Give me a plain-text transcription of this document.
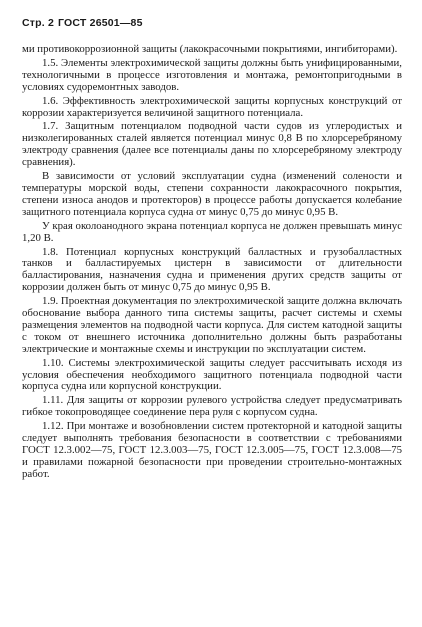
Стр. 2 ГОСТ 26501—85

ми противокоррозионной защиты (лакокрасочными покрытиями, ингибиторами).

1.5. Элементы электрохимической защиты должны быть унифицированными, технологичными в процессе изготовления и монтажа, ремонтопригодными в условиях судоремонтных заводов.

1.6. Эффективность электрохимической защиты корпусных конструкций от коррозии характеризуется величиной защитного потенциала.

1.7. Защитным потенциалом подводной части судов из углеродистых и низколегированных сталей является потенциал минус 0,8 В по хлорсеребряному электроду сравнения (далее все потенциалы даны по хлорсеребряному электроду сравнения).

В зависимости от условий эксплуатации судна (изменений солености и температуры морской воды, степени сохранности лакокрасочного покрытия, степени износа анодов и протекторов) в процессе работы допускается колебание защитного потенциала корпуса судна от минус 0,75 до минус 0,95 В.

У края околоанодного экрана потенциал корпуса не должен превышать минус 1,20 В.

1.8. Потенциал корпусных конструкций балластных и грузобалластных танков и балластируемых цистерн в зависимости от длительности балластирования, назначения судна и применения других средств защиты от коррозии должен быть от минус 0,75 до минус 0,95 В.

1.9. Проектная документация по электрохимической защите должна включать обоснование выбора данного типа системы защиты, расчет системы и схемы размещения элементов на подводной части корпуса. Для систем катодной защиты с током от внешнего источника дополнительно должны быть разработаны электрические и монтажные схемы и инструкции по эксплуатации систем.

1.10. Системы электрохимической защиты следует рассчитывать исходя из условия обеспечения необходимого защитного потенциала подводной части корпуса судна или корпусной конструкции.

1.11. Для защиты от коррозии рулевого устройства следует предусматривать гибкое токопроводящее соединение пера руля с корпусом судна.

1.12. При монтаже и возобновлении систем протекторной и катодной защиты следует выполнять требования безопасности в соответствии с требованиями ГОСТ 12.3.002—75, ГОСТ 12.3.003—75, ГОСТ 12.3.005—75, ГОСТ 12.3.008—75 и правилами пожарной безопасности при проведении строительно-монтажных работ.
